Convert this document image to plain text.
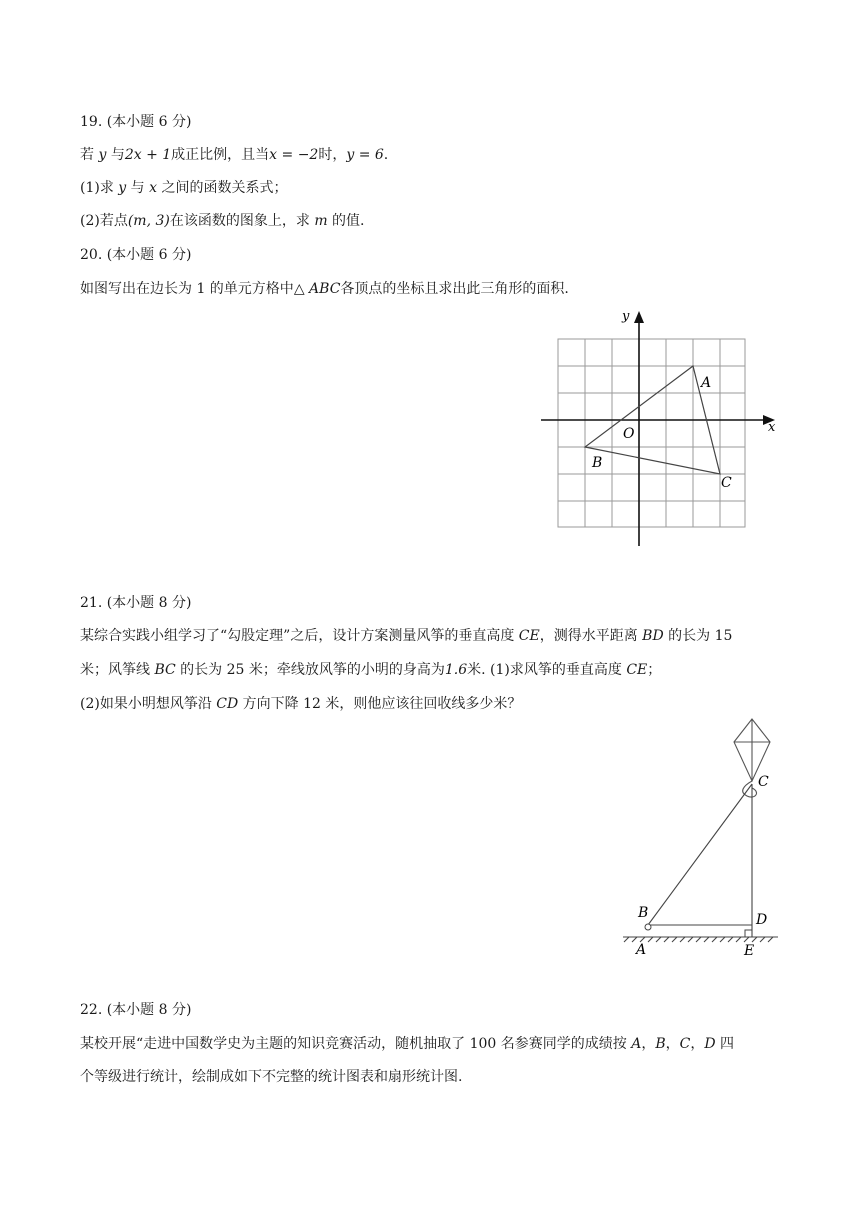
19. (本小题 6 分)
若 y 与2x + 1成正比例，且当x = −2时，y = 6.
(1)求 y 与 x 之间的函数关系式；
(2)若点(m, 3)在该函数的图象上，求 m 的值.
20. (本小题 6 分)
如图写出在边长为 1 的单元方格中△ ABC各顶点的坐标且求出此三角形的面积.
x
y
O
A
B
C
21. (本小题 8 分)
某综合实践小组学习了“勾股定理”之后，设计方案测量风筝的垂直高度 CE，测得水平距离 BD 的长为 15
米；风筝线 BC 的长为 25 米；牵线放风筝的小明的身高为1.6米. (1)求风筝的垂直高度 CE；
(2)如果小明想风筝沿 CD 方向下降 12 米，则他应该往回收线多少米？
C
B	D
A	E
22. (本小题 8 分)
某校开展“走进中国数学史为主题的知识竞赛活动，随机抽取了 100 名参赛同学的成绩按 A，B，C，D 四
个等级进行统计，绘制成如下不完整的统计图表和扇形统计图.
